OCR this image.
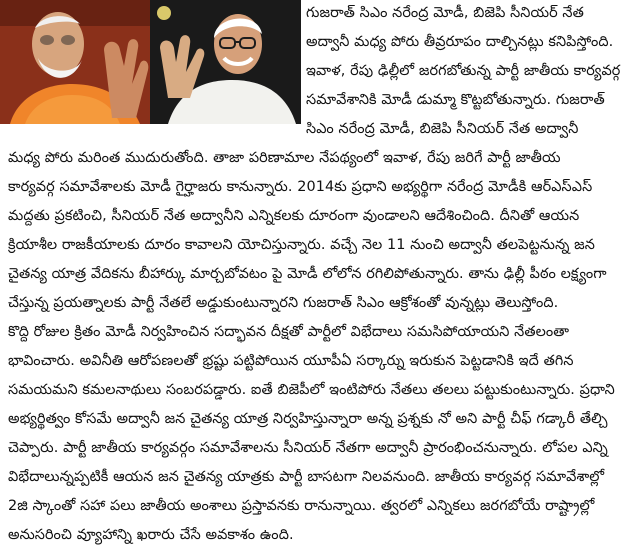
గుజరాత్ సిఎం నరేంద్ర మోడీ, బిజెపి సీనియర్ నేత
అద్వానీ మధ్య పోరు తీవ్రరూపం దాల్చినట్లు కనిపిస్తోంది.
ఇవాళ, రేపు ఢిల్లీలో జరగబోతున్న పార్టీ జాతీయ కార్యవర్గ
సమావేశానికి మోడీ డుమ్మా కొట్టబోతున్నారు. గుజరాత్
సిఎం నరేంద్ర మోడీ, బిజెపి సీనియర్ నేత అద్వానీ
మధ్య పోరు మరింత ముదురుతోంది. తాజా పరిణామాల నేపథ్యంలో ఇవాళ, రేపు జరిగే పార్టీ జాతీయ
కార్యవర్గ సమావేశాలకు మోడీ గైర్హాజరు కానున్నారు. 2014కు ప్రధాని అభ్యర్థిగా నరేంద్ర మోడీకి ఆర్ఎస్ఎస్
మద్దతు ప్రకటించి, సీనియర్ నేత అద్వానీని ఎన్నికలకు దూరంగా వుండాలని ఆదేశించింది. దీనితో ఆయన
క్రియాశీల రాజకీయాలకు దూరం కావాలని యోచిస్తున్నారు. వచ్చే నెల 11 నుంచి అద్వానీ తలపెట్టనున్న జన
చైతన్య యాత్ర వేదికను బీహార్కు మార్చబోవటం పై మోడీ లోలోన రగిలిపోతున్నారు. తాను ఢిల్లీ పీఠం లక్ష్యంగా
చేస్తున్న ప్రయత్నాలకు పార్టీ నేతలే అడ్డుకుంటున్నారని గుజరాత్ సిఎం ఆక్రోశంతో వున్నట్లు తెలుస్తోంది.
కొద్ది రోజుల క్రితం మోడీ నిర్వహించిన సద్భావన దీక్షతో పార్టీలో విభేదాలు సమసిపోయాయని నేతలంతా
భావించారు. అవినీతి ఆరోపణలతో భ్రష్టు పట్టిపోయిన యూపీఏ సర్కార్ను ఇరుకున పెట్టడానికి ఇదే తగిన
సమయమని కమలనాథులు సంబరపడ్డారు. ఐతే బిజెపీలో ఇంటిపోరు నేతలు తలలు పట్టుకుంటున్నారు. ప్రధాని
అభ్యర్థిత్వం కోసమే అద్వానీ జన చైతన్య యాత్ర నిర్వహిస్తున్నారా అన్న ప్రశ్నకు నో అని పార్టీ చీఫ్ గడ్కారీ తేల్చి
చెప్పారు. పార్టీ జాతీయ కార్యవర్గం సమావేశాలను సీనియర్ నేతగా అద్వానీ ప్రారంభించనున్నారు. లోపల ఎన్ని
విభేదాలున్నప్పటికీ ఆయన జన చైతన్య యాత్రకు పార్టీ బాసటగా నిలవనుంది. జాతీయ కార్యవర్గ సమావేశాల్లో
2జి స్కాంతో సహా పలు జాతీయ అంశాలు ప్రస్తావనకు రానున్నాయి. త్వరలో ఎన్నికలు జరగబోయే రాష్ట్రాల్లో
అనుసరించి వ్యూహాన్ని ఖరారు చేసే అవకాశం ఉంది.
